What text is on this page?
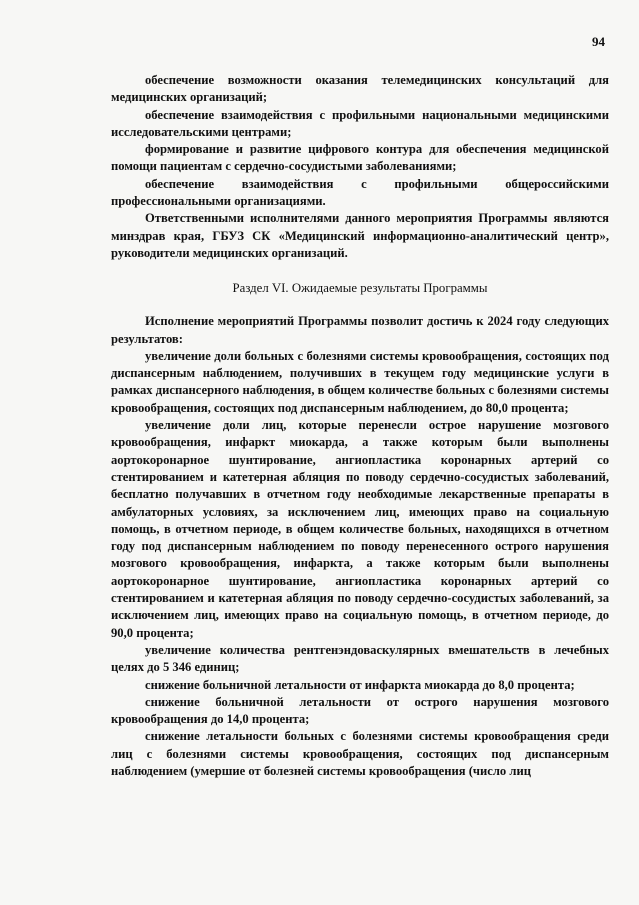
94

обеспечение возможности оказания телемедицинских консультаций для медицинских организаций;

обеспечение взаимодействия с профильными национальными медицинскими исследовательскими центрами;

формирование и развитие цифрового контура для обеспечения медицинской помощи пациентам с сердечно-сосудистыми заболеваниями;

обеспечение взаимодействия с профильными общероссийскими профессиональными организациями.

Ответственными исполнителями данного мероприятия Программы являются минздрав края, ГБУЗ СК «Медицинский информационно-аналитический центр», руководители медицинских организаций.

Раздел VI. Ожидаемые результаты Программы

Исполнение мероприятий Программы позволит достичь к 2024 году следующих результатов:

увеличение доли больных с болезнями системы кровообращения, состоящих под диспансерным наблюдением, получивших в текущем году медицинские услуги в рамках диспансерного наблюдения, в общем количестве больных с болезнями системы кровообращения, состоящих под диспансерным наблюдением, до 80,0 процента;

увеличение доли лиц, которые перенесли острое нарушение мозгового кровообращения, инфаркт миокарда, а также которым были выполнены аортокоронарное шунтирование, ангиопластика коронарных артерий со стентированием и катетерная абляция по поводу сердечно-сосудистых заболеваний, бесплатно получавших в отчетном году необходимые лекарственные препараты в амбулаторных условиях, за исключением лиц, имеющих право на социальную помощь, в отчетном периоде, в общем количестве больных, находящихся в отчетном году под диспансерным наблюдением по поводу перенесенного острого нарушения мозгового кровообращения, инфаркта, а также которым были выполнены аортокоронарное шунтирование, ангиопластика коронарных артерий со стентированием и катетерная абляция по поводу сердечно-сосудистых заболеваний, за исключением лиц, имеющих право на социальную помощь, в отчетном периоде, до 90,0 процента;

увеличение количества рентгенэндоваскулярных вмешательств в лечебных целях до 5 346 единиц;

снижение больничной летальности от инфаркта миокарда до 8,0 процента;

снижение больничной летальности от острого нарушения мозгового кровообращения до 14,0 процента;

снижение летальности больных с болезнями системы кровообращения среди лиц с болезнями системы кровообращения, состоящих под диспансерным наблюдением (умершие от болезней системы кровообращения (число лиц
